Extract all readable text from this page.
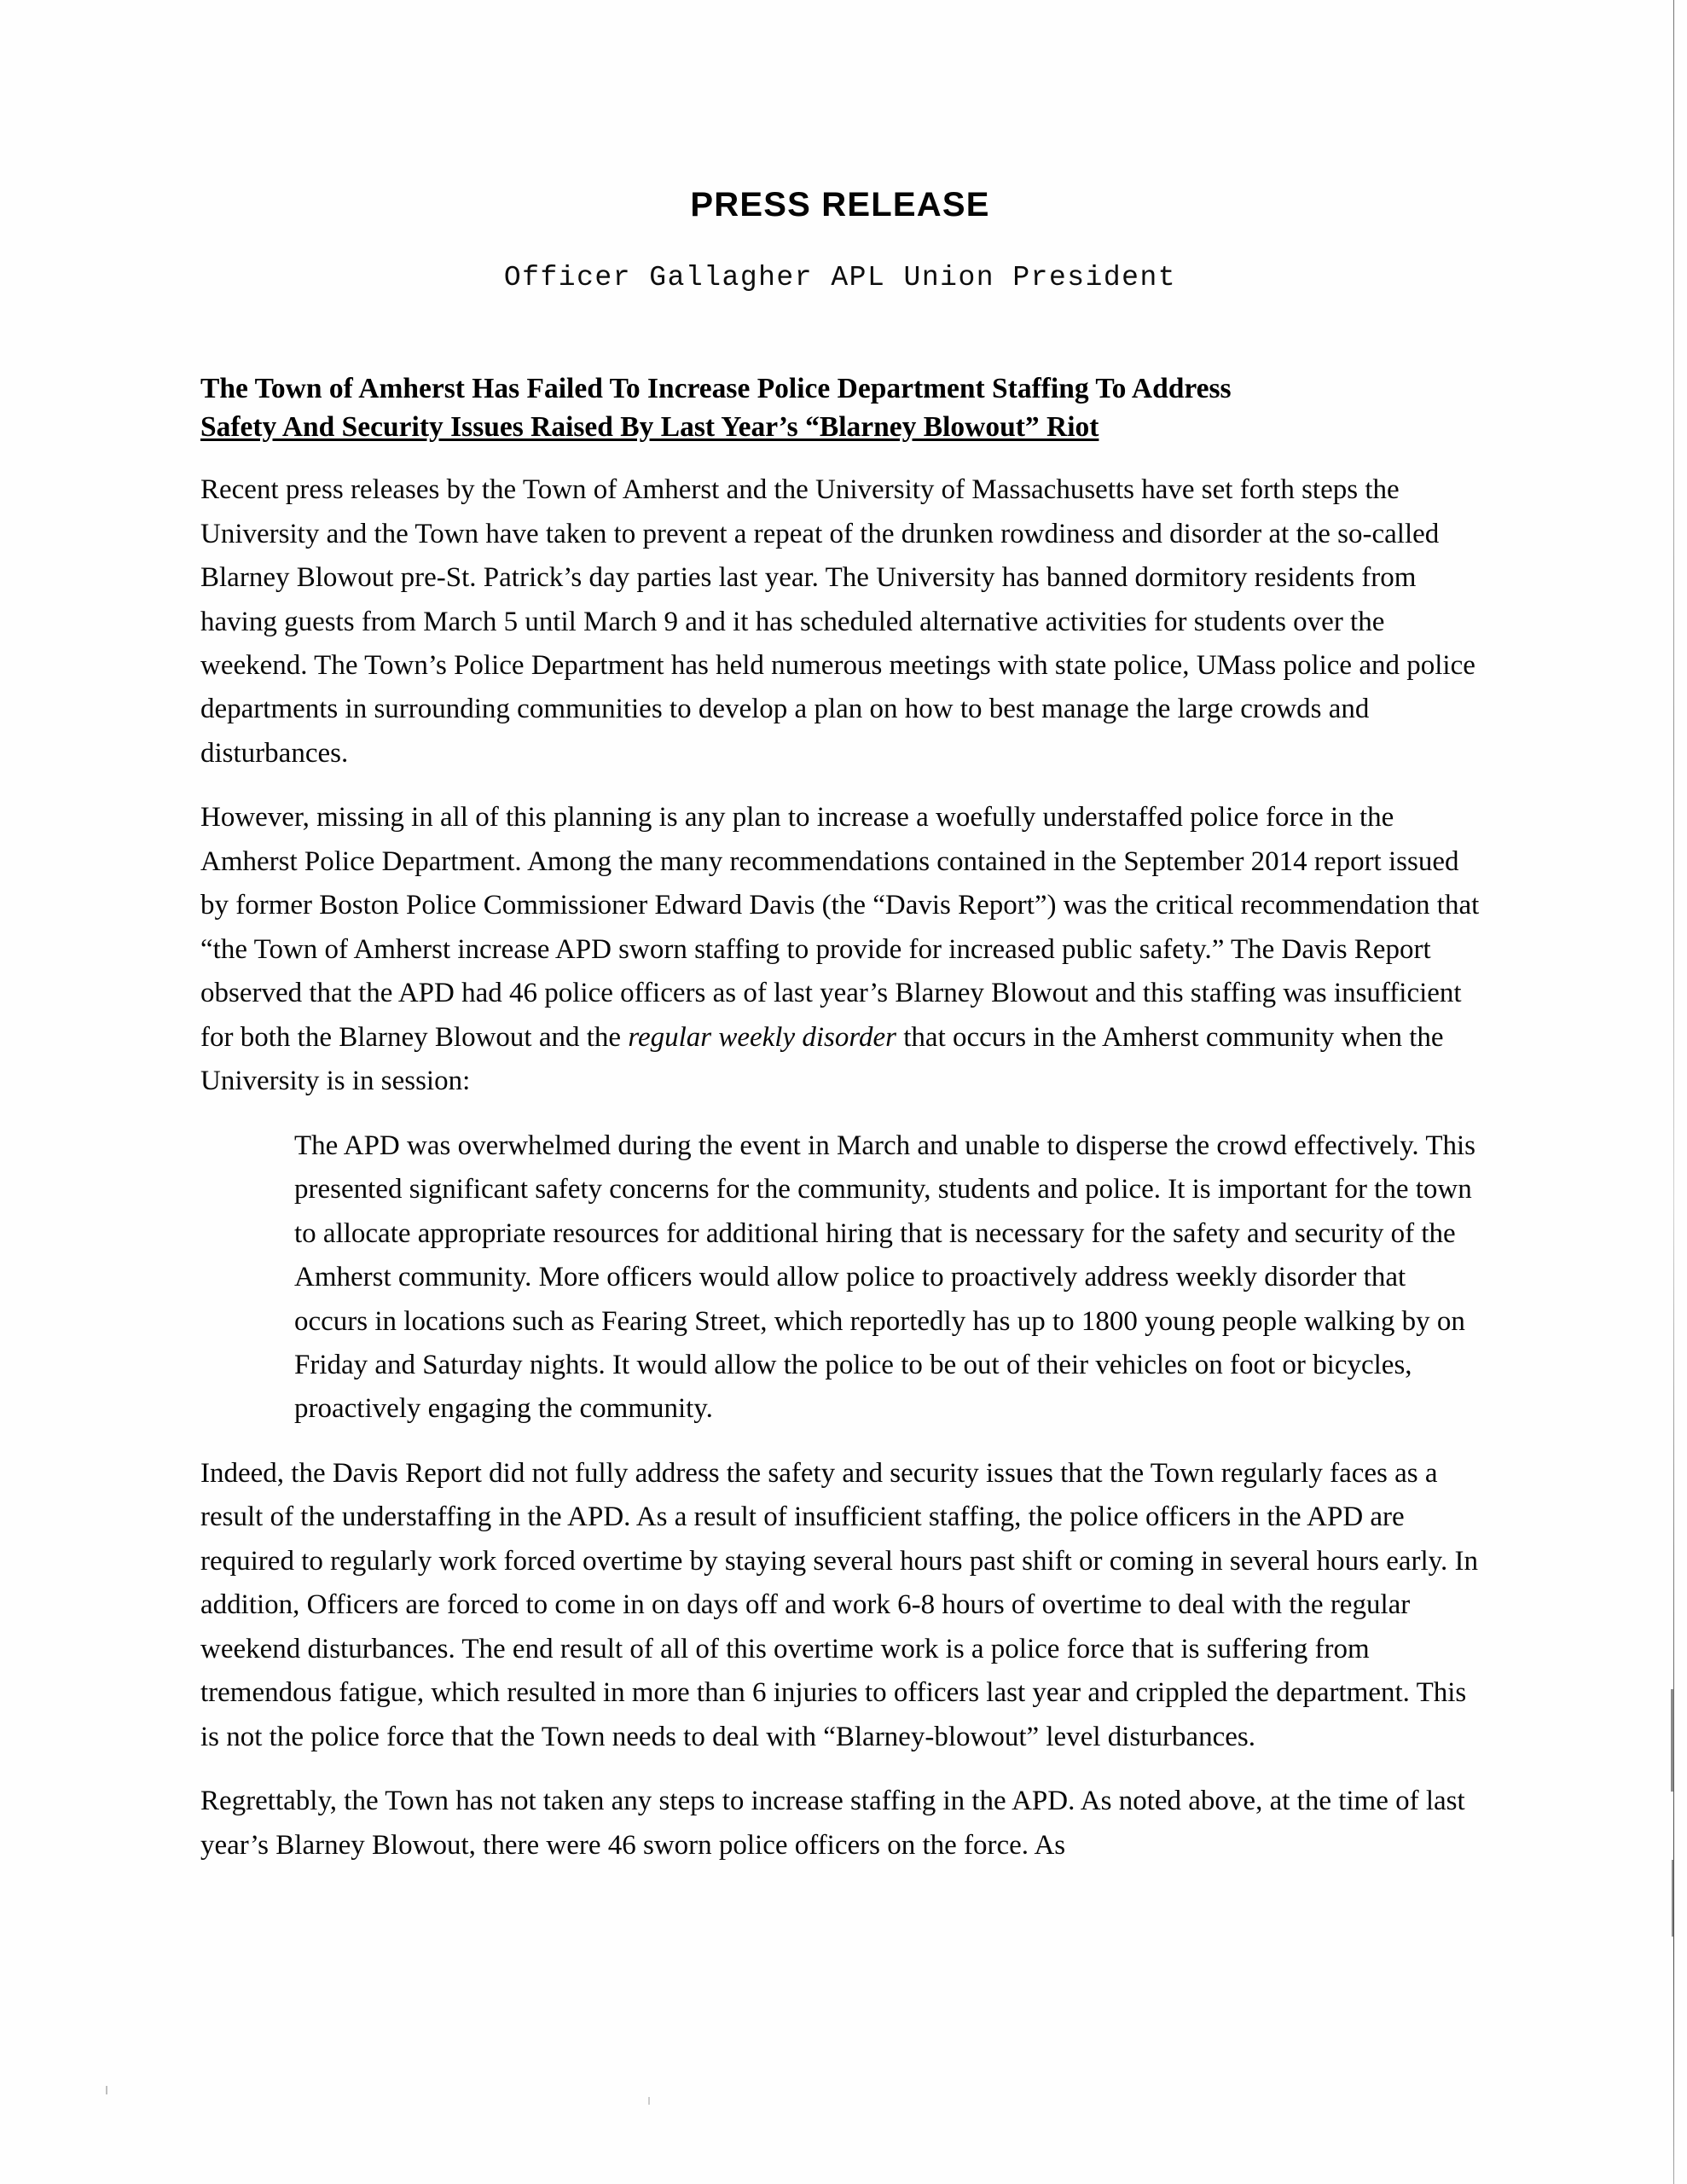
PRESS RELEASE
Officer Gallagher APL Union President
The Town of Amherst Has Failed To Increase Police Department Staffing To Address
Safety And Security Issues Raised By Last Year’s “Blarney Blowout” Riot

Recent press releases by the Town of Amherst and the University of Massachusetts have set forth steps the University and the Town have taken to prevent a repeat of the drunken rowdiness and disorder at the so-called Blarney Blowout pre-St. Patrick’s day parties last year. The University has banned dormitory residents from having guests from March 5 until March 9 and it has scheduled alternative activities for students over the weekend. The Town’s Police Department has held numerous meetings with state police, UMass police and police departments in surrounding communities to develop a plan on how to best manage the large crowds and disturbances.

However, missing in all of this planning is any plan to increase a woefully understaffed police force in the Amherst Police Department. Among the many recommendations contained in the September 2014 report issued by former Boston Police Commissioner Edward Davis (the “Davis Report”) was the critical recommendation that “the Town of Amherst increase APD sworn staffing to provide for increased public safety.” The Davis Report observed that the APD had 46 police officers as of last year’s Blarney Blowout and this staffing was insufficient for both the Blarney Blowout and the regular weekly disorder that occurs in the Amherst community when the University is in session:

The APD was overwhelmed during the event in March and unable to disperse the crowd effectively. This presented significant safety concerns for the community, students and police. It is important for the town to allocate appropriate resources for additional hiring that is necessary for the safety and security of the Amherst community. More officers would allow police to proactively address weekly disorder that occurs in locations such as Fearing Street, which reportedly has up to 1800 young people walking by on Friday and Saturday nights. It would allow the police to be out of their vehicles on foot or bicycles, proactively engaging the community.

Indeed, the Davis Report did not fully address the safety and security issues that the Town regularly faces as a result of the understaffing in the APD. As a result of insufficient staffing, the police officers in the APD are required to regularly work forced overtime by staying several hours past shift or coming in several hours early. In addition, Officers are forced to come in on days off and work 6-8 hours of overtime to deal with the regular weekend disturbances. The end result of all of this overtime work is a police force that is suffering from tremendous fatigue, which resulted in more than 6 injuries to officers last year and crippled the department. This is not the police force that the Town needs to deal with “Blarney-blowout” level disturbances.

Regrettably, the Town has not taken any steps to increase staffing in the APD. As noted above, at the time of last year’s Blarney Blowout, there were 46 sworn police officers on the force. As
